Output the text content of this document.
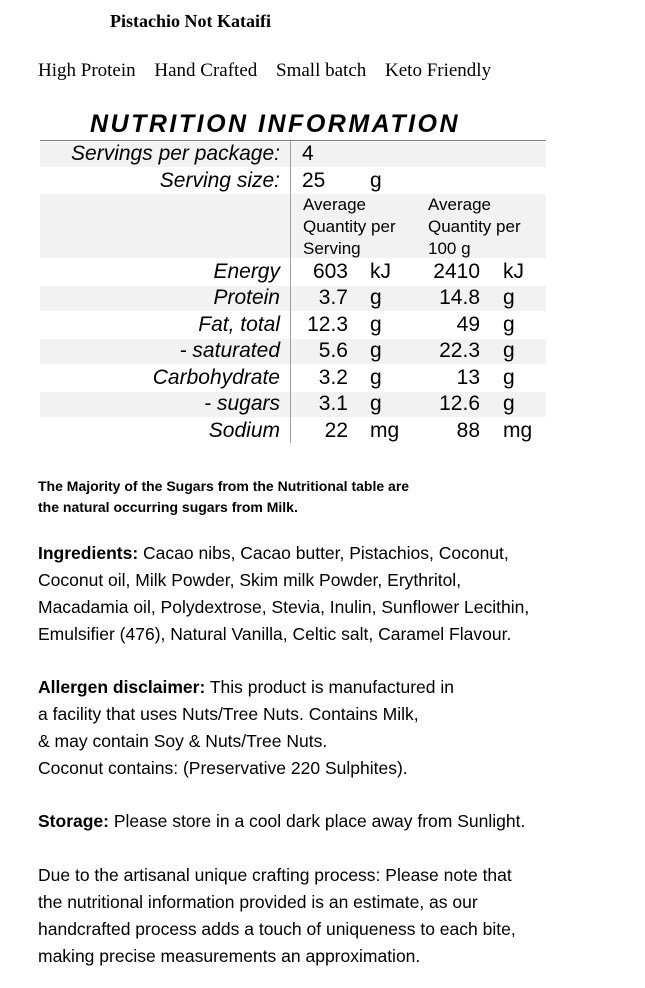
Pistachio Not Kataifi
High Protein Hand Crafted Small batch Keto Friendly
NUTRITION INFORMATION
Servings per package: 4
Serving size: 25 g
Average Quantity per Serving
Average Quantity per 100 g
Energy 603 kJ 2410 kJ
Protein 3.7 g	14.8 g
Fat, total 12.3 g	49 g
- saturated 5.6 g	22.3 g
Carbohydrate 3.2 g	13 g
- sugars 3.1 g	12.6 g
Sodium 22 mg	88 mg
The Majority of the Sugars from the Nutritional table are
the natural occurring sugars from Milk.
Ingredients: Cacao nibs, Cacao butter, Pistachios, Coconut,
Coconut oil, Milk Powder, Skim milk Powder, Erythritol,
Macadamia oil, Polydextrose, Stevia, Inulin, Sunflower Lecithin,
Emulsifier (476), Natural Vanilla, Celtic salt, Caramel Flavour.
Allergen disclaimer: This product is manufactured in
a facility that uses Nuts/Tree Nuts. Contains Milk,
& may contain Soy & Nuts/Tree Nuts.
Coconut contains: (Preservative 220 Sulphites).
Storage: Please store in a cool dark place away from Sunlight.
Due to the artisanal unique crafting process: Please note that
the nutritional information provided is an estimate, as our
handcrafted process adds a touch of uniqueness to each bite,
making precise measurements an approximation.
